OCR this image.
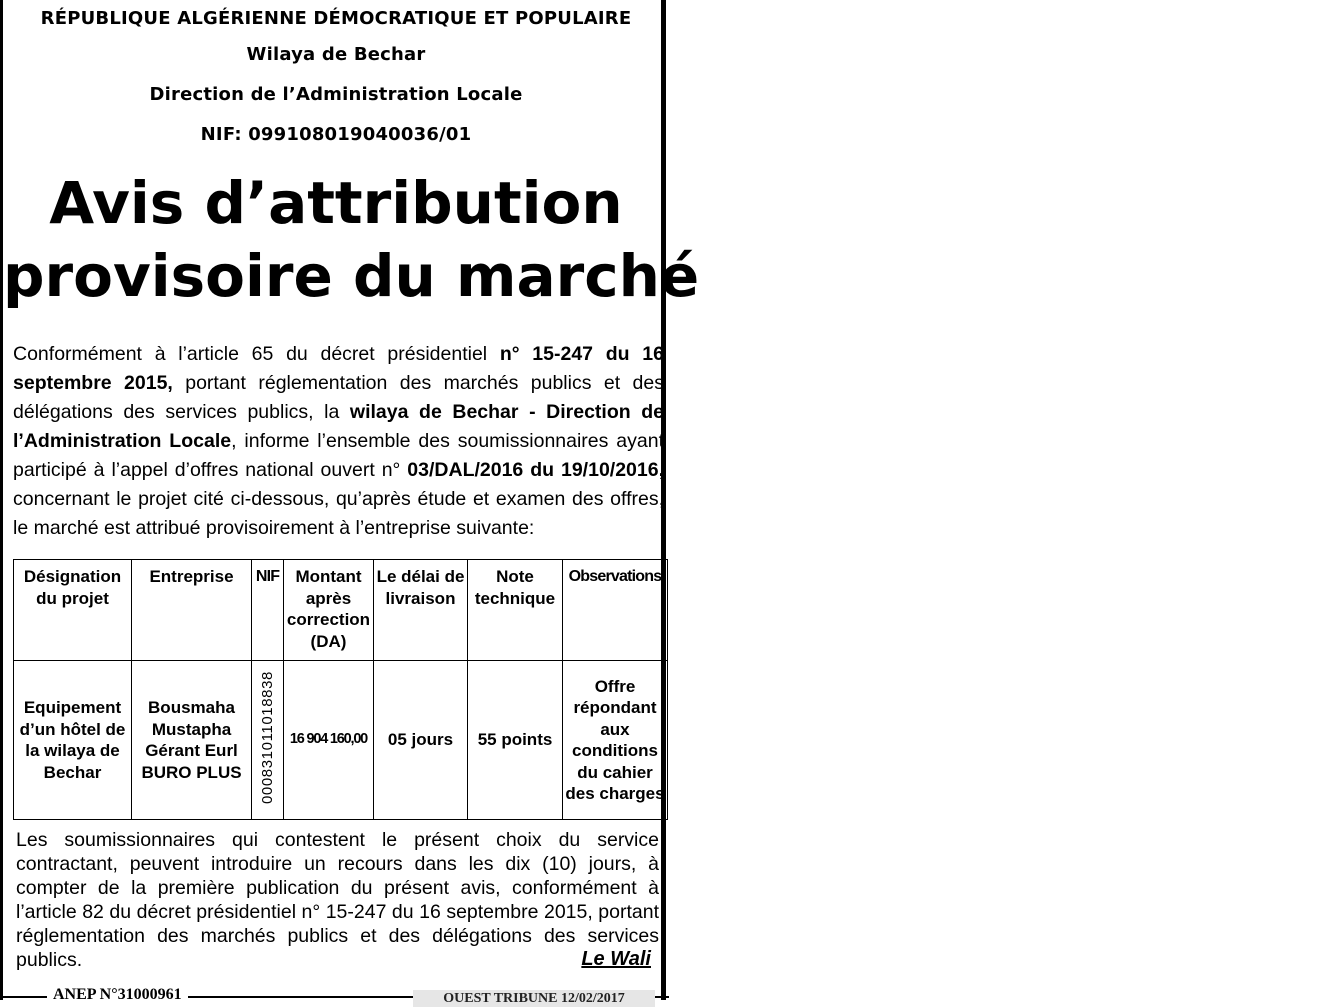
RÉPUBLIQUE ALGÉRIENNE DÉMOCRATIQUE ET POPULAIRE
Wilaya de Bechar
Direction de l’Administration Locale
NIF: 099108019040036/01
Avis d’attribution
provisoire du marché
Conformément à l’article 65 du décret présidentiel n° 15-247 du 16 septembre 2015, portant réglementation des marchés publics et des délégations des services publics, la wilaya de Bechar - Direction de l’Administration Locale, informe l’ensemble des soumissionnaires ayant participé à l’appel d’offres national ouvert n° 03/DAL/2016 du 19/10/2016, concernant le projet cité ci-dessous, qu’après étude et examen des offres, le marché est attribué provisoirement à l’entreprise suivante:
Désignation du projet	Entreprise	NIF	Montant après correction (DA)	Le délai de livraison	Note technique	Observations
Equipement d’un hôtel de la wilaya de Bechar	Bousmaha Mustapha Gérant Eurl BURO PLUS	000831011018838	16 904 160,00	05 jours	55 points	Offre répondant aux conditions du cahier des charges
Les soumissionnaires qui contestent le présent choix du service contractant, peuvent introduire un recours dans les dix (10) jours, à compter de la première publication du présent avis, conformément à l’article 82 du décret présidentiel n° 15-247 du 16 septembre 2015, portant réglementation des marchés publics et des délégations des services publics.	Le Wali
ANEP N°31000961	OUEST TRIBUNE 12/02/2017
